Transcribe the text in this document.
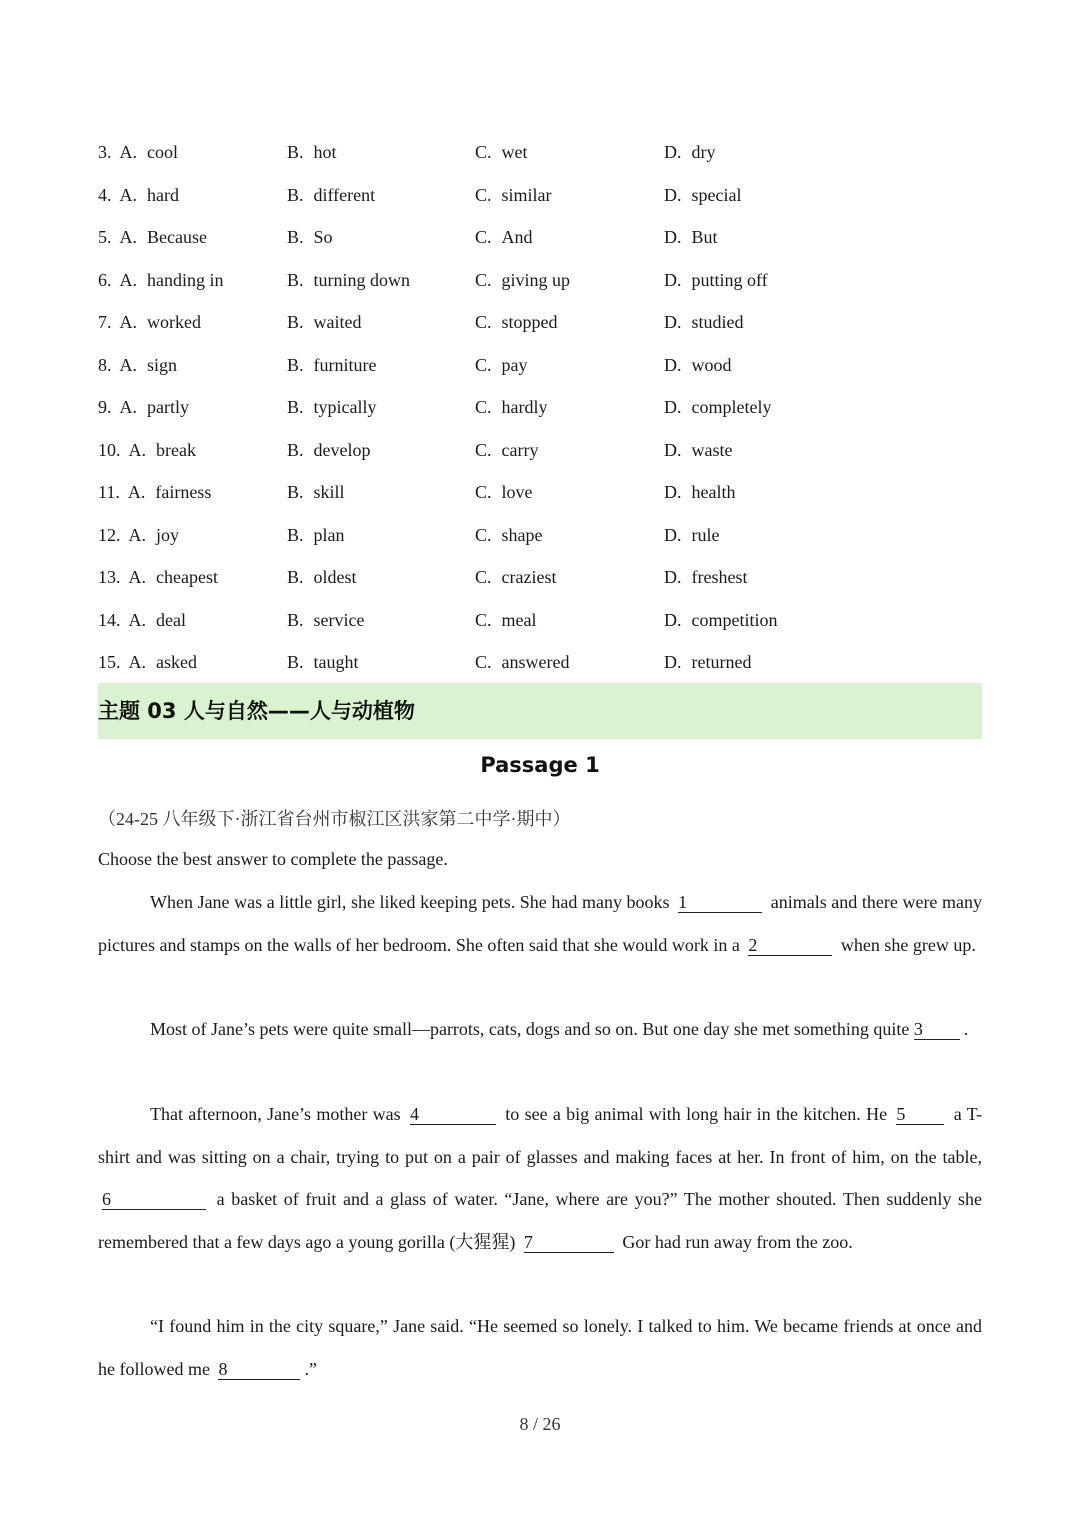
3. A. cool	B. hot	C. wet	D. dry
4. A. hard	B. different	C. similar	D. special
5. A. Because	B. So	C. And	D. But
6. A. handing in	B. turning down	C. giving up	D. putting off
7. A. worked	B. waited	C. stopped	D. studied
8. A. sign	B. furniture	C. pay	D. wood
9. A. partly	B. typically	C. hardly	D. completely
10. A. break	B. develop	C. carry	D. waste
11. A. fairness	B. skill	C. love	D. health
12. A. joy	B. plan	C. shape	D. rule
13. A. cheapest	B. oldest	C. craziest	D. freshest
14. A. deal	B. service	C. meal	D. competition
15. A. asked	B. taught	C. answered	D. returned
主题 03 人与自然——人与动植物
Passage 1
（24-25 八年级下·浙江省台州市椒江区洪家第二中学·期中）
Choose the best answer to complete the passage.
When Jane was a little girl, she liked keeping pets. She had many books 1	animals and there were many pictures and stamps on the walls of her bedroom. She often said that she would work in a 2	when she grew up.
Most of Jane’s pets were quite small—parrots, cats, dogs and so on. But one day she met something quite 3 .
That afternoon, Jane’s mother was 4	to see a big animal with long hair in the kitchen. He 5	a T-shirt and was sitting on a chair, trying to put on a pair of glasses and making faces at her. In front of him, on the table, 6	a basket of fruit and a glass of water. “Jane, where are you?” The mother shouted. Then suddenly she remembered that a few days ago a young gorilla (大猩猩) 7	Gor had run away from the zoo.
“I found him in the city square,” Jane said. “He seemed so lonely. I talked to him. We became friends at once and he followed me 8	.”
8 / 26
